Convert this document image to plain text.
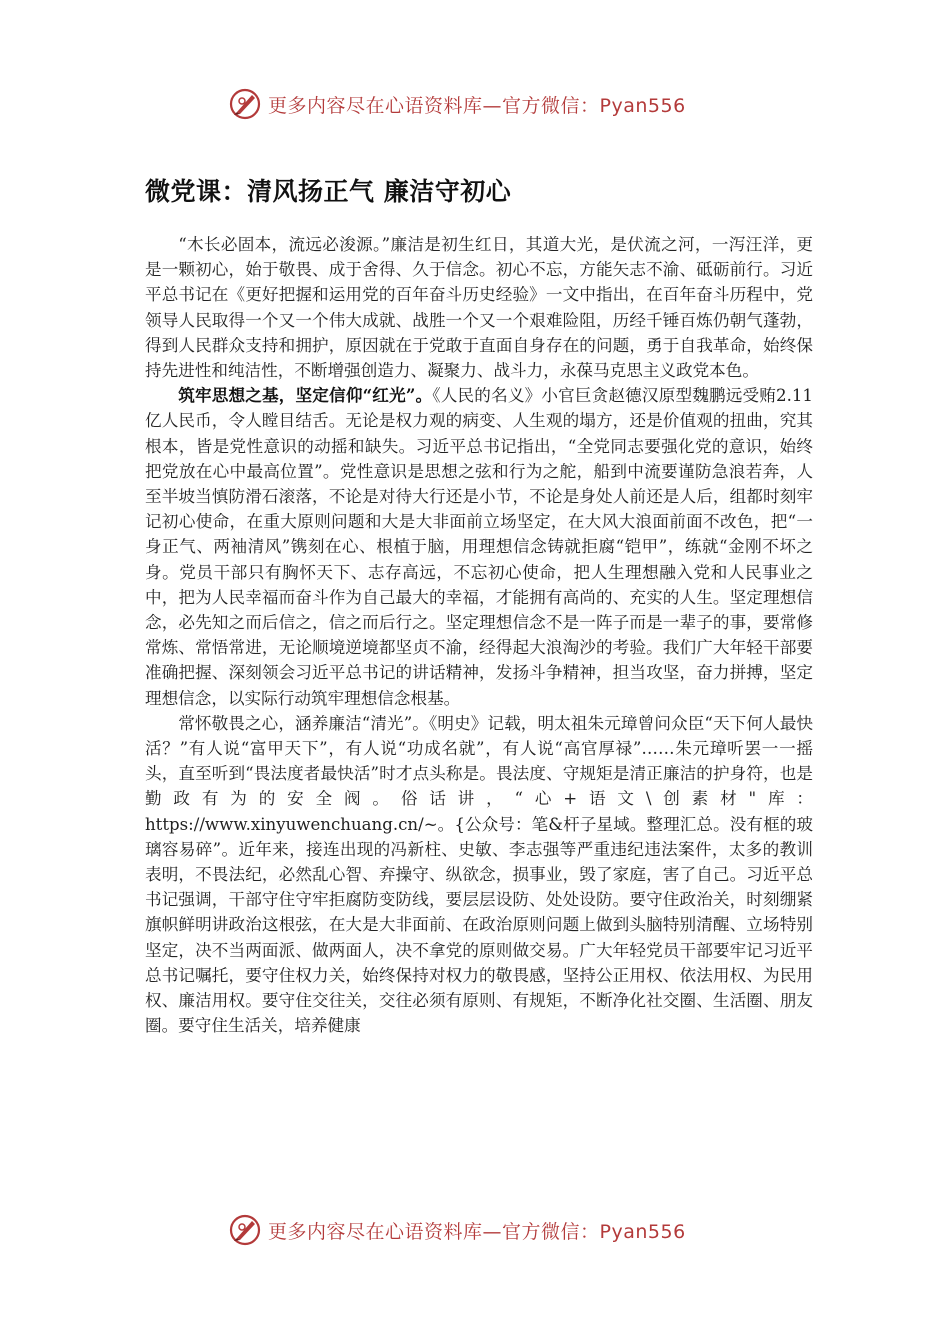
更多内容尽在心语资料库—官方微信：Pyan556
微党课：清风扬正气 廉洁守初心

“木长必固本，流远必浚源。”廉洁是初生红日，其道大光，是伏流之河，一泻汪洋，更是一颗初心，始于敬畏、成于舍得、久于信念。初心不忘，方能矢志不渝、砥砺前行。习近平总书记在《更好把握和运用党的百年奋斗历史经验》一文中指出，在百年奋斗历程中，党领导人民取得一个又一个伟大成就、战胜一个又一个艰难险阻，历经千锤百炼仍朝气蓬勃，得到人民群众支持和拥护，原因就在于党敢于直面自身存在的问题，勇于自我革命，始终保持先进性和纯洁性，不断增强创造力、凝聚力、战斗力，永葆马克思主义政党本色。

筑牢思想之基，坚定信仰“红光”。《人民的名义》小官巨贪赵德汉原型魏鹏远受贿2.11亿人民币，令人瞠目结舌。无论是权力观的病变、人生观的塌方，还是价值观的扭曲，究其根本，皆是党性意识的动摇和缺失。习近平总书记指出，“全党同志要强化党的意识，始终把党放在心中最高位置”。党性意识是思想之弦和行为之舵，船到中流要谨防急浪若奔，人至半坡当慎防滑石滚落，不论是对待大行还是小节，不论是身处人前还是人后，组都时刻牢记初心使命，在重大原则问题和大是大非面前立场坚定，在大风大浪面前面不改色，把“一身正气、两袖清风”镌刻在心、根植于脑，用理想信念铸就拒腐“铠甲”，练就“金刚不坏之身。党员干部只有胸怀天下、志存高远，不忘初心使命，把人生理想融入党和人民事业之中，把为人民幸福而奋斗作为自己最大的幸福，才能拥有高尚的、充实的人生。坚定理想信念，必先知之而后信之，信之而后行之。坚定理想信念不是一阵子而是一辈子的事，要常修常炼、常悟常进，无论顺境逆境都坚贞不渝，经得起大浪淘沙的考验。我们广大年轻干部要准确把握、深刻领会习近平总书记的讲话精神，发扬斗争精神，担当攻坚，奋力拼搏，坚定理想信念，以实际行动筑牢理想信念根基。

常怀敬畏之心，涵养廉洁“清光”。《明史》记载，明太祖朱元璋曾问众臣“天下何人最快活？”有人说“富甲天下”，有人说“功成名就”，有人说“高官厚禄”……朱元璋听罢一一摇头，直至听到“畏法度者最快活”时才点头称是。畏法度、守规矩是清正廉洁的护身符，也是勤政有为的安全阀。俗话讲，“心+语文\创素材"库：https://www.xinyuwenchuang.cn/~。{公众号：笔&杆子星域。整理汇总。没有框的玻璃容易碎”。近年来，接连出现的冯新柱、史敏、李志强等严重违纪违法案件，太多的教训表明，不畏法纪，必然乱心智、弃操守、纵欲念，损事业，毁了家庭，害了自己。习近平总书记强调，干部守住守牢拒腐防变防线，要层层设防、处处设防。要守住政治关，时刻绷紧旗帜鲜明讲政治这根弦，在大是大非面前、在政治原则问题上做到头脑特别清醒、立场特别坚定，决不当两面派、做两面人，决不拿党的原则做交易。广大年轻党员干部要牢记习近平总书记嘱托，要守住权力关，始终保持对权力的敬畏感，坚持公正用权、依法用权、为民用权、廉洁用权。要守住交往关，交往必须有原则、有规矩，不断净化社交圈、生活圈、朋友圈。要守住生活关，培养健康

更多内容尽在心语资料库—官方微信：Pyan556
